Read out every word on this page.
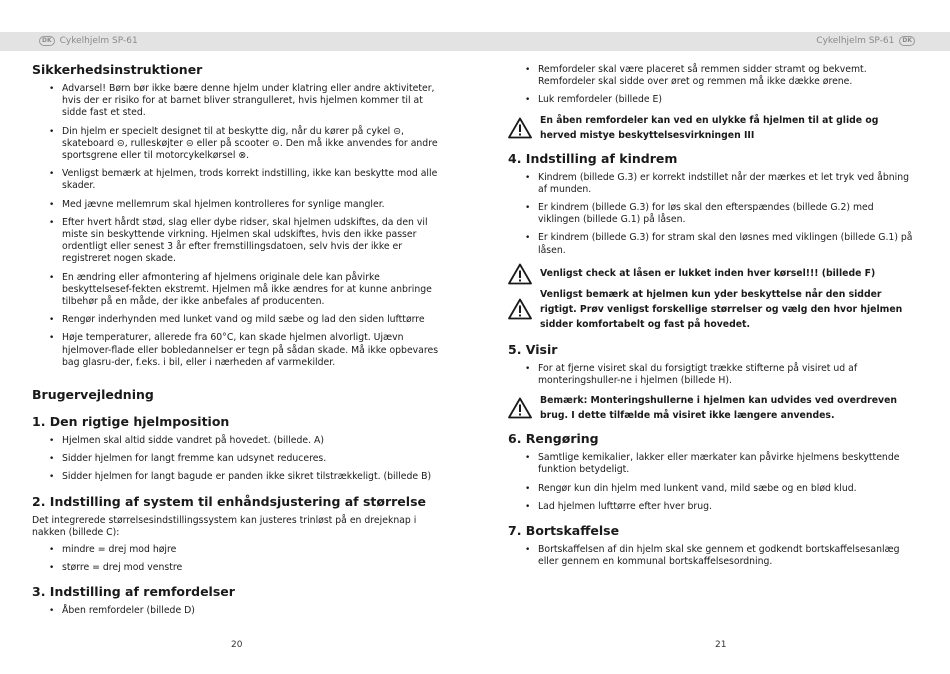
DK Cykelhjelm SP-61	Cykelhjelm SP-61	DK
Sikkerhedsinstruktioner
• Advarsel! Børn bør ikke bære denne hjelm under klatring eller andre aktiviteter, hvis der er risiko for at barnet bliver strangulleret, hvis hjelmen kommer til at sidde fast et sted.
• Din hjelm er specielt designet til at beskytte dig, når du kører på cykel ⊝, skateboard ⊝, rulleskøjter ⊝ eller på scooter ⊝. Den må ikke anvendes for andre sportsgrene eller til motorcykelkørsel ⊗.
• Venligst bemærk at hjelmen, trods korrekt indstilling, ikke kan beskytte mod alle skader.
• Med jævne mellemrum skal hjelmen kontrolleres for synlige mangler.
• Efter hvert hårdt stød, slag eller dybe ridser, skal hjelmen udskiftes, da den vil miste sin beskyttende virkning. Hjelmen skal udskiftes, hvis den ikke passer ordentligt eller senest 3 år efter fremstillingsdatoen, selv hvis der ikke er registreret nogen skade.
• En ændring eller afmontering af hjelmens originale dele kan påvirke beskyttelsesef-fekten ekstremt. Hjelmen må ikke ændres for at kunne anbringe tilbehør på en måde, der ikke anbefales af producenten.
• Rengør inderhynden med lunket vand og mild sæbe og lad den siden lufttørre
• Høje temperaturer, allerede fra 60°C, kan skade hjelmen alvorligt. Ujævn hjelmover-flade eller bobledannelser er tegn på sådan skade. Må ikke opbevares bag glasru-der, f.eks. i bil, eller i nærheden af varmekilder.
Brugervejledning
1. Den rigtige hjelmposition
• Hjelmen skal altid sidde vandret på hovedet. (billede. A)
• Sidder hjelmen for langt fremme kan udsynet reduceres.
• Sidder hjelmen for langt bagude er panden ikke sikret tilstrækkeligt. (billede B)
2. Indstilling af system til enhåndsjustering af størrelse

Det integrerede størrelsesindstillingssystem kan justeres trinløst på en drejeknap i nakken (billede C):

• mindre = drej mod højre
• større = drej mod venstre
3. Indstilling af remfordelser
• Åben remfordeler (billede D)
20
• Remfordeler skal være placeret så remmen sidder stramt og bekvemt. Remfordeler skal sidde over øret og remmen må ikke dække ørene.
• Luk remfordeler (billede E)
En åben remfordeler kan ved en ulykke få hjelmen til at glide og herved mistye beskyttelsesvirkningen III
4. Indstilling af kindrem
• Kindrem (billede G.3) er korrekt indstillet når der mærkes et let tryk ved åbning af munden.
• Er kindrem (billede G.3) for løs skal den efterspændes (billede G.2) med viklingen (billede G.1) på låsen.
• Er kindrem (billede G.3) for stram skal den løsnes med viklingen (billede G.1) på låsen.
Venligst check at låsen er lukket inden hver kørsel!!! (billede F)
Venligst bemærk at hjelmen kun yder beskyttelse når den sidder rigtigt. Prøv venligst forskellige størrelser og vælg den hvor hjelmen sidder komfortabelt og fast på hovedet.
5. Visir
• For at fjerne visiret skal du forsigtigt trække stifterne på visiret ud af monteringshuller-ne i hjelmen (billede H).
Bemærk: Monteringshullerne i hjelmen kan udvides ved overdreven brug. I dette tilfælde må visiret ikke længere anvendes.
6. Rengøring
• Samtlige kemikalier, lakker eller mærkater kan påvirke hjelmens beskyttende funktion betydeligt.
• Rengør kun din hjelm med lunkent vand, mild sæbe og en blød klud.
• Lad hjelmen lufttørre efter hver brug.
7. Bortskaffelse
• Bortskaffelsen af din hjelm skal ske gennem et godkendt bortskaffelsesanlæg eller gennem en kommunal bortskaffelsesordning.
21
